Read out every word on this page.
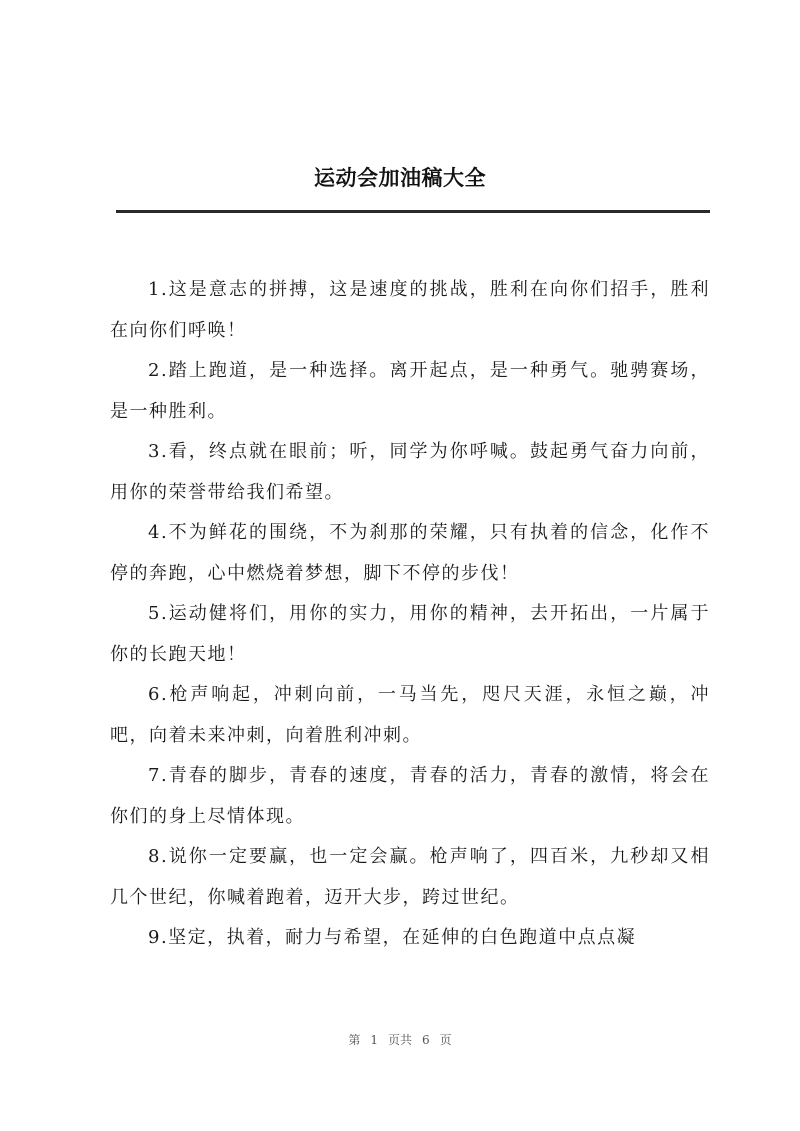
运动会加油稿大全

1.这是意志的拼搏，这是速度的挑战，胜利在向你们招手，胜利在向你们呼唤！

2.踏上跑道，是一种选择。离开起点，是一种勇气。驰骋赛场，是一种胜利。

3.看，终点就在眼前；听，同学为你呼喊。鼓起勇气奋力向前，用你的荣誉带给我们希望。

4.不为鲜花的围绕，不为刹那的荣耀，只有执着的信念，化作不停的奔跑，心中燃烧着梦想，脚下不停的步伐！

5.运动健将们，用你的实力，用你的精神，去开拓出，一片属于你的长跑天地！

6.枪声响起，冲刺向前，一马当先，咫尺天涯，永恒之巅，冲吧，向着未来冲刺，向着胜利冲刺。

7.青春的脚步，青春的速度，青春的活力，青春的激情，将会在你们的身上尽情体现。

8.说你一定要赢，也一定会赢。枪声响了，四百米，九秒却又相几个世纪，你喊着跑着，迈开大步，跨过世纪。

9.坚定，执着，耐力与希望，在延伸的白色跑道中点点凝

第 1 页共 6 页
